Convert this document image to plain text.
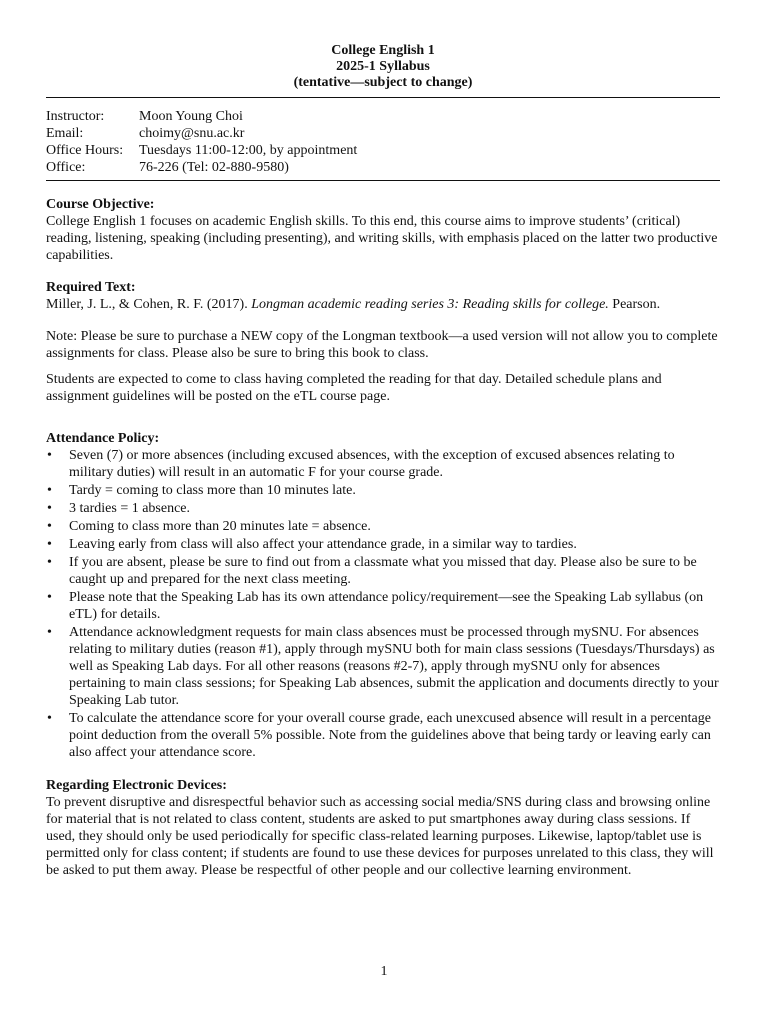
College English 1
2025-1 Syllabus
(tentative—subject to change)
Instructor:	Moon Young Choi
Email:	choimy@snu.ac.kr
Office Hours:	Tuesdays 11:00-12:00, by appointment
Office:	76-226 (Tel: 02-880-9580)
Course Objective:

College English 1 focuses on academic English skills. To this end, this course aims to improve students’ (critical) reading, listening, speaking (including presenting), and writing skills, with emphasis placed on the latter two productive capabilities.

Required Text:

Miller, J. L., & Cohen, R. F. (2017). Longman academic reading series 3: Reading skills for college. Pearson.

Note: Please be sure to purchase a NEW copy of the Longman textbook—a used version will not allow you to complete assignments for class. Please also be sure to bring this book to class.

Students are expected to come to class having completed the reading for that day. Detailed schedule plans and assignment guidelines will be posted on the eTL course page.

Attendance Policy:
•	Seven (7) or more absences (including excused absences, with the exception of excused absences relating to military duties) will result in an automatic F for your course grade.
•	Tardy = coming to class more than 10 minutes late.
•	3 tardies = 1 absence.
•	Coming to class more than 20 minutes late = absence.
•	Leaving early from class will also affect your attendance grade, in a similar way to tardies.
•	If you are absent, please be sure to find out from a classmate what you missed that day. Please also be sure to be caught up and prepared for the next class meeting.
•	Please note that the Speaking Lab has its own attendance policy/requirement—see the Speaking Lab syllabus (on eTL) for details.
•	Attendance acknowledgment requests for main class absences must be processed through mySNU. For absences relating to military duties (reason #1), apply through mySNU both for main class sessions (Tuesdays/Thursdays) as well as Speaking Lab days. For all other reasons (reasons #2-7), apply through mySNU only for absences pertaining to main class sessions; for Speaking Lab absences, submit the application and documents directly to your Speaking Lab tutor.
•	To calculate the attendance score for your overall course grade, each unexcused absence will result in a percentage point deduction from the overall 5% possible. Note from the guidelines above that being tardy or leaving early can also affect your attendance score.
Regarding Electronic Devices:

To prevent disruptive and disrespectful behavior such as accessing social media/SNS during class and browsing online for material that is not related to class content, students are asked to put smartphones away during class sessions. If used, they should only be used periodically for specific class-related learning purposes. Likewise, laptop/tablet use is permitted only for class content; if students are found to use these devices for purposes unrelated to this class, they will be asked to put them away. Please be respectful of other people and our collective learning environment.

1
